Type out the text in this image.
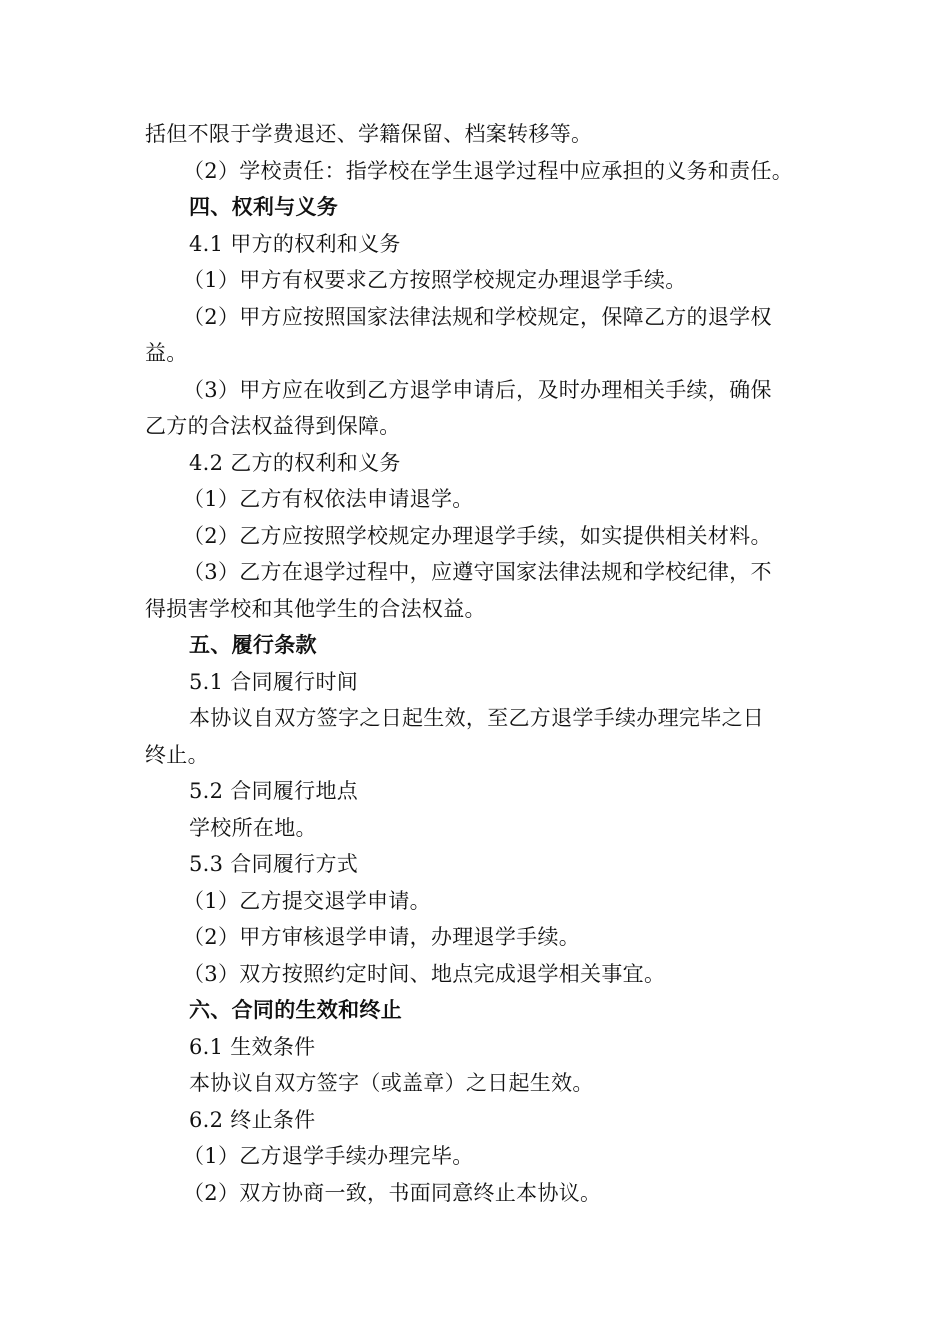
括但不限于学费退还、学籍保留、档案转移等。
（2）学校责任：指学校在学生退学过程中应承担的义务和责任。
四、权利与义务
4.1 甲方的权利和义务
（1）甲方有权要求乙方按照学校规定办理退学手续。
（2）甲方应按照国家法律法规和学校规定，保障乙方的退学权
益。
（3）甲方应在收到乙方退学申请后，及时办理相关手续，确保
乙方的合法权益得到保障。
4.2 乙方的权利和义务
（1）乙方有权依法申请退学。
（2）乙方应按照学校规定办理退学手续，如实提供相关材料。
（3）乙方在退学过程中，应遵守国家法律法规和学校纪律，不
得损害学校和其他学生的合法权益。
五、履行条款
5.1 合同履行时间
本协议自双方签字之日起生效，至乙方退学手续办理完毕之日
终止。
5.2 合同履行地点
学校所在地。
5.3 合同履行方式
（1）乙方提交退学申请。
（2）甲方审核退学申请，办理退学手续。
（3）双方按照约定时间、地点完成退学相关事宜。
六、合同的生效和终止
6.1 生效条件
本协议自双方签字（或盖章）之日起生效。
6.2 终止条件
（1）乙方退学手续办理完毕。
（2）双方协商一致，书面同意终止本协议。
